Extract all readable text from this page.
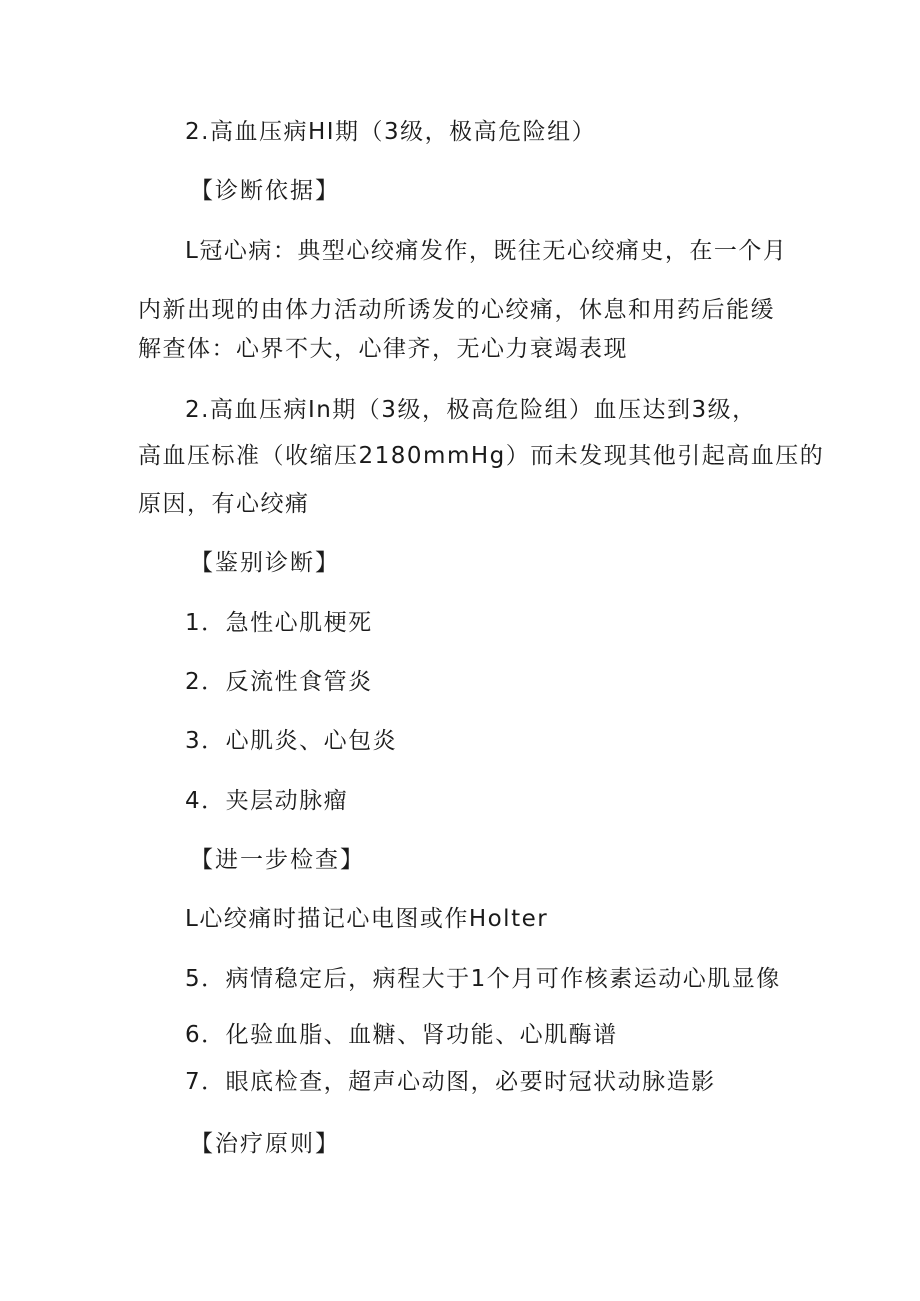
2.高血压病HI期（3级，极高危险组）
【诊断依据】
L冠心病：典型心绞痛发作，既往无心绞痛史，在一个月
内新出现的由体力活动所诱发的心绞痛，休息和用药后能缓
解查体：心界不大，心律齐，无心力衰竭表现
2.高血压病In期（3级，极高危险组）血压达到3级，
高血压标准（收缩压2180mmHg）而未发现其他引起高血压的
原因，有心绞痛
【鉴别诊断】
1．急性心肌梗死
2．反流性食管炎
3．心肌炎、心包炎
4．夹层动脉瘤
【进一步检查】
L心绞痛时描记心电图或作Holter
5．病情稳定后，病程大于1个月可作核素运动心肌显像
6．化验血脂、血糖、肾功能、心肌酶谱
7．眼底检查，超声心动图，必要时冠状动脉造影
【治疗原则】
